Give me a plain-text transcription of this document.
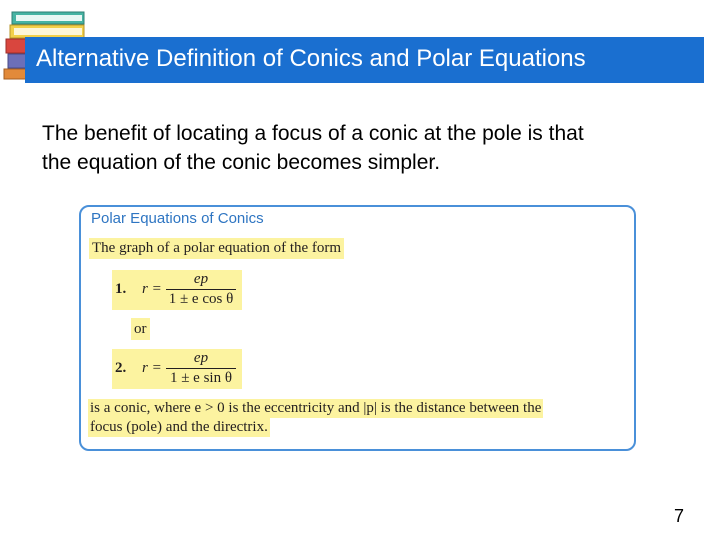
Alternative Definition of Conics and Polar Equations

The benefit of locating a focus of a conic at the pole is that

the equation of the conic becomes simpler.

Polar Equations of Conics
The graph of a polar equation of the form
1. r =
ep
1 ± e cos θ
or
2. r =
ep
1 ± e sin θ
is a conic, where e > 0 is the eccentricity and |p| is the distance between the
focus (pole) and the directrix.
7
